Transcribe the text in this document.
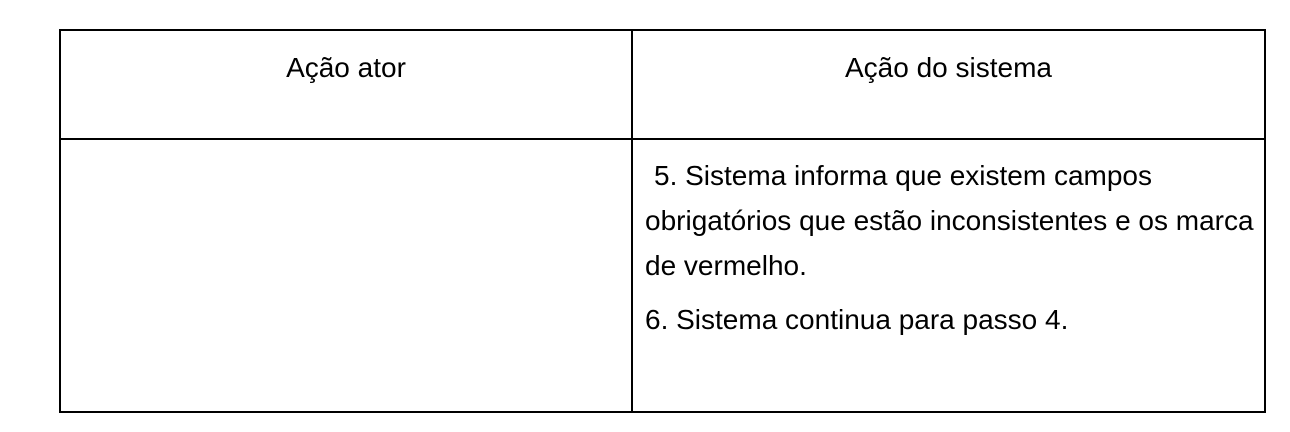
Ação ator	Ação do sistema

	5. Sistema informa que existem campos obrigatórios que estão inconsistentes e os marca de vermelho.

6. Sistema continua para passo 4.
